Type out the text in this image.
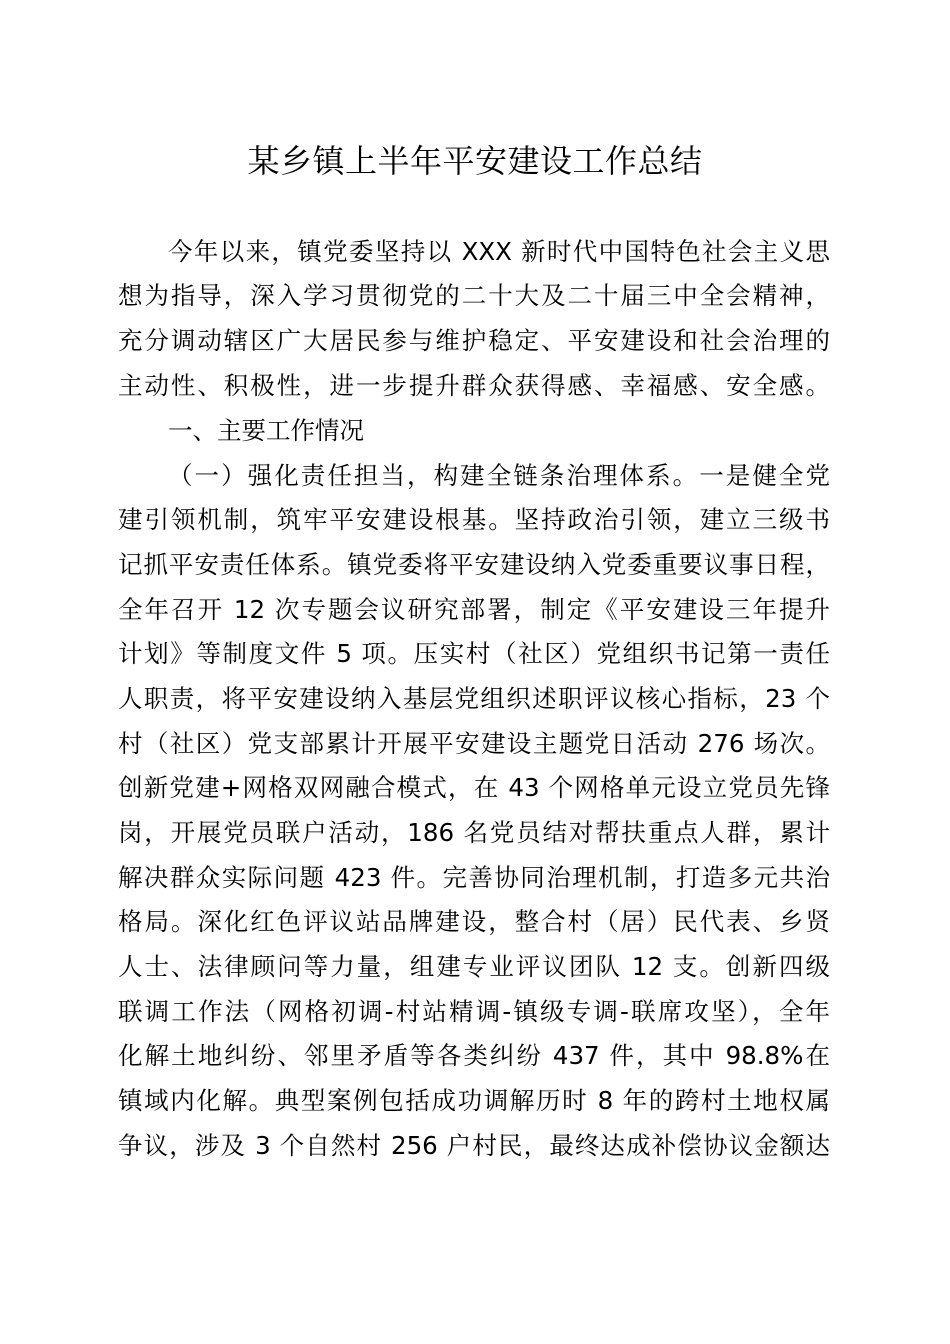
某乡镇上半年平安建设工作总结

今年以来，镇党委坚持以 XXX 新时代中国特色社会主义思

想为指导，深入学习贯彻党的二十大及二十届三中全会精神，

充分调动辖区广大居民参与维护稳定、平安建设和社会治理的

主动性、积极性，进一步提升群众获得感、幸福感、安全感。

一、主要工作情况

（一）强化责任担当，构建全链条治理体系。一是健全党

建引领机制，筑牢平安建设根基。坚持政治引领，建立三级书

记抓平安责任体系。镇党委将平安建设纳入党委重要议事日程，

全年召开 12 次专题会议研究部署，制定《平安建设三年提升

计划》等制度文件 5 项。压实村（社区）党组织书记第一责任

人职责，将平安建设纳入基层党组织述职评议核心指标，23 个

村（社区）党支部累计开展平安建设主题党日活动 276 场次。

创新党建+网格双网融合模式，在 43 个网格单元设立党员先锋

岗，开展党员联户活动，186 名党员结对帮扶重点人群，累计

解决群众实际问题 423 件。完善协同治理机制，打造多元共治

格局。深化红色评议站品牌建设，整合村（居）民代表、乡贤

人士、法律顾问等力量，组建专业评议团队 12 支。创新四级

联调工作法（网格初调-村站精调-镇级专调-联席攻坚），全年

化解土地纠纷、邻里矛盾等各类纠纷 437 件，其中 98.8%在

镇域内化解。典型案例包括成功调解历时 8 年的跨村土地权属

争议，涉及 3 个自然村 256 户村民，最终达成补偿协议金额达
